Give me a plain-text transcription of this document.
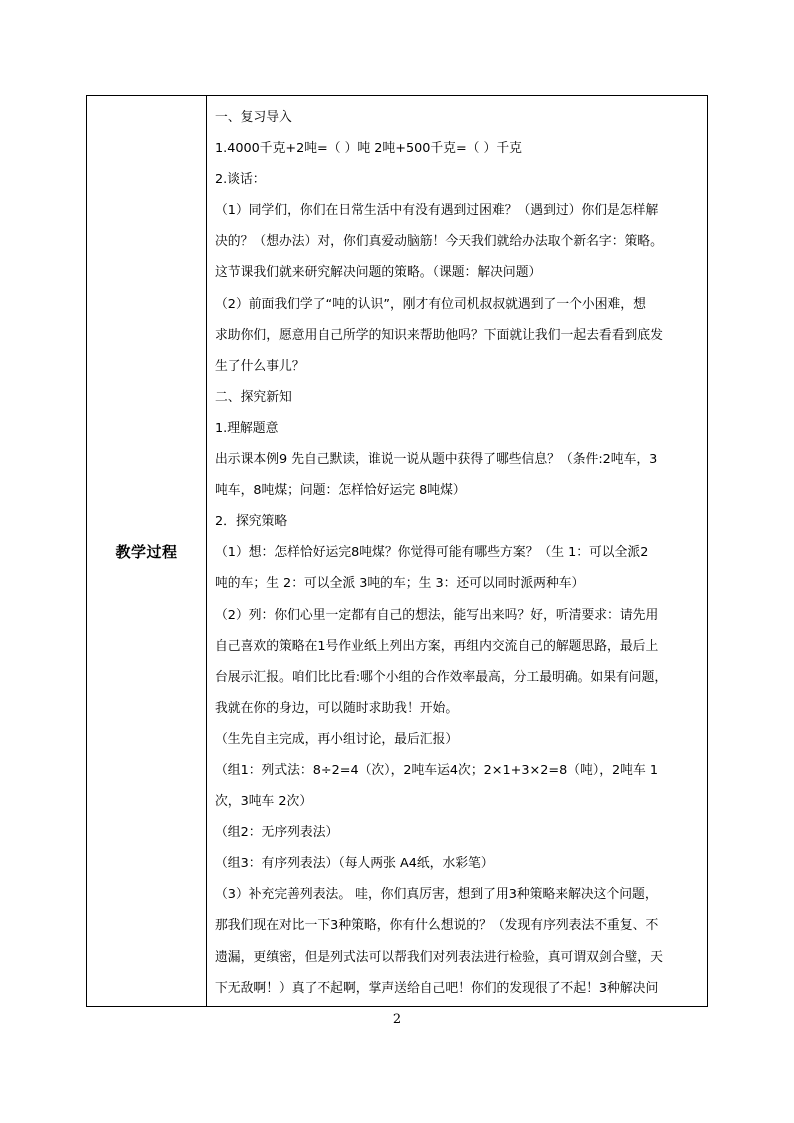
教学过程
一、复习导入
1.4000千克+2吨=（ ）吨 2吨+500千克=（ ）千克
2.谈话：
（1）同学们，你们在日常生活中有没有遇到过困难？（遇到过）你们是怎样解
决的？（想办法）对，你们真爱动脑筋！今天我们就给办法取个新名字：策略。
这节课我们就来研究解决问题的策略。（课题：解决问题）
（2）前面我们学了“吨的认识”，刚才有位司机叔叔就遇到了一个小困难，想
求助你们，愿意用自己所学的知识来帮助他吗？下面就让我们一起去看看到底发
生了什么事儿？
二、探究新知
1.理解题意
出示课本例9 先自己默读，谁说一说从题中获得了哪些信息？（条件:2吨车，3
吨车，8吨煤；问题：怎样恰好运完 8吨煤）
2．探究策略
（1）想：怎样恰好运完8吨煤？你觉得可能有哪些方案？（生 1：可以全派2
吨的车；生 2：可以全派 3吨的车；生 3：还可以同时派两种车）
（2）列：你们心里一定都有自己的想法，能写出来吗？好，听清要求：请先用
自己喜欢的策略在1号作业纸上列出方案，再组内交流自己的解题思路，最后上
台展示汇报。咱们比比看:哪个小组的合作效率最高，分工最明确。如果有问题，
我就在你的身边，可以随时求助我！开始。
（生先自主完成，再小组讨论，最后汇报）
（组1：列式法：8÷2=4（次），2吨车运4次；2×1+3×2=8（吨），2吨车 1
次，3吨车 2次）
（组2：无序列表法）
（组3：有序列表法）（每人两张 A4纸，水彩笔）
（3）补充完善列表法。 哇，你们真厉害，想到了用3种策略来解决这个问题，
那我们现在对比一下3种策略，你有什么想说的？（发现有序列表法不重复、不
遗漏，更缜密，但是列式法可以帮我们对列表法进行检验，真可谓双剑合璧，天
下无敌啊！）真了不起啊，掌声送给自己吧！你们的发现很了不起！3种解决问
2
